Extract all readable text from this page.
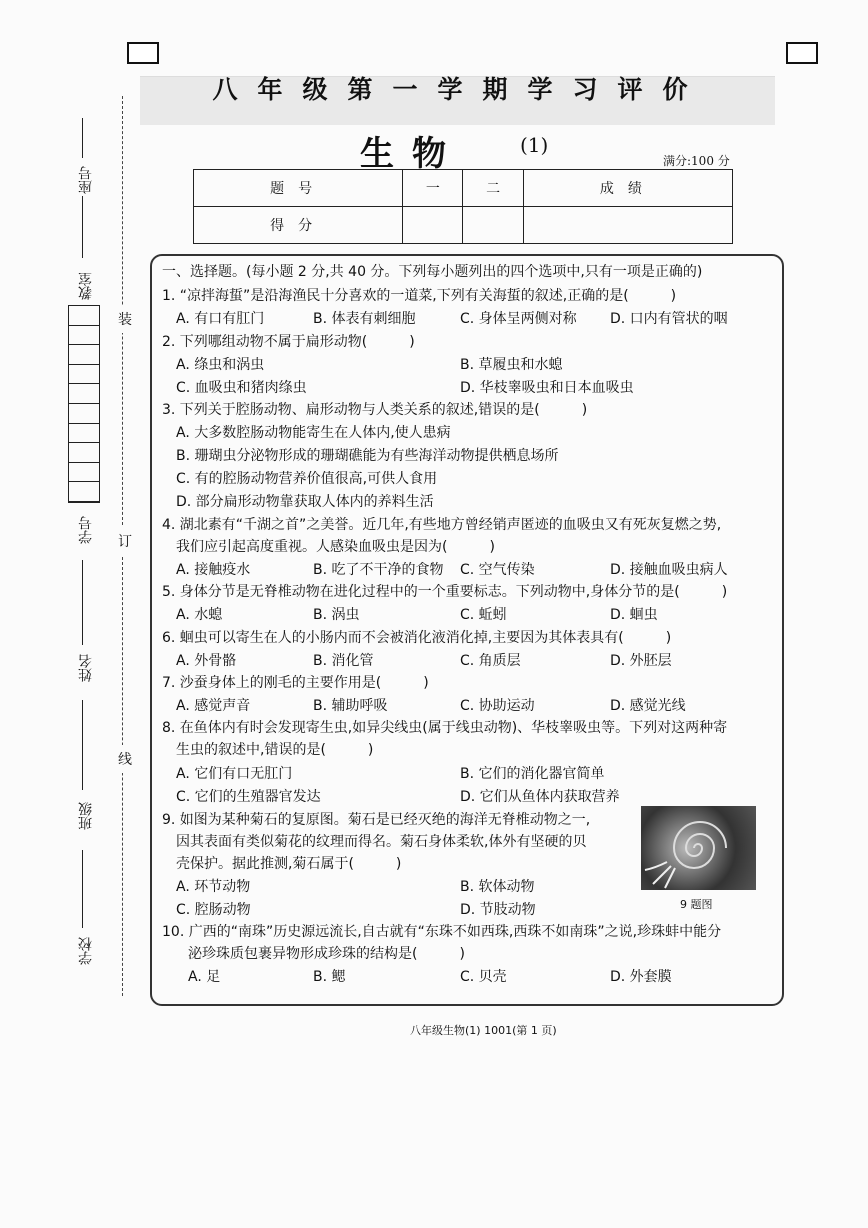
装
订
线
学校
班级
姓名
学号
教室
座号
八年级第一学期学习评价
生物	(1)
满分:100 分
题号	一	二	成绩
得分			
一、选择题。(每小题 2 分,共 40 分。下列每小题列出的四个选项中,只有一项是正确的)
1. “凉拌海蜇”是沿海渔民十分喜欢的一道菜,下列有关海蜇的叙述,正确的是(　　　)
A. 有口有肛门	B. 体表有刺细胞	C. 身体呈两侧对称 D. 口内有管状的咽
2. 下列哪组动物不属于扁形动物(　　　)
A. 绦虫和涡虫	B. 草履虫和水螅
C. 血吸虫和猪肉绦虫	D. 华枝睾吸虫和日本血吸虫
3. 下列关于腔肠动物、扁形动物与人类关系的叙述,错误的是(　　　)
A. 大多数腔肠动物能寄生在人体内,使人患病
B. 珊瑚虫分泌物形成的珊瑚礁能为有些海洋动物提供栖息场所
C. 有的腔肠动物营养价值很高,可供人食用
D. 部分扁形动物靠获取人体内的养料生活
4. 湖北素有“千湖之首”之美誉。近几年,有些地方曾经销声匿迹的血吸虫又有死灰复燃之势,
我们应引起高度重视。人感染血吸虫是因为(　　　)
A. 接触疫水	B. 吃了不干净的食物 C. 空气传染	D. 接触血吸虫病人
5. 身体分节是无脊椎动物在进化过程中的一个重要标志。下列动物中,身体分节的是(　　　)
A. 水螅	B. 涡虫	C. 蚯蚓	D. 蛔虫
6. 蛔虫可以寄生在人的小肠内而不会被消化液消化掉,主要因为其体表具有(　　　)
A. 外骨骼	B. 消化管	C. 角质层	D. 外胚层
7. 沙蚕身体上的刚毛的主要作用是(　　　)
A. 感觉声音	B. 辅助呼吸	C. 协助运动	D. 感觉光线
8. 在鱼体内有时会发现寄生虫,如异尖线虫(属于线虫动物)、华枝睾吸虫等。下列对这两种寄
生虫的叙述中,错误的是(　　　)
A. 它们有口无肛门	B. 它们的消化器官简单
C. 它们的生殖器官发达	D. 它们从鱼体内获取营养
9. 如图为某种菊石的复原图。菊石是已经灭绝的海洋无脊椎动物之一,
因其表面有类似菊花的纹理而得名。菊石身体柔软,体外有坚硬的贝
壳保护。据此推测,菊石属于(　　　)
A. 环节动物	B. 软体动物
C. 腔肠动物	D. 节肢动物	9 题图
10. 广西的“南珠”历史源远流长,自古就有“东珠不如西珠,西珠不如南珠”之说,珍珠蚌中能分
泌珍珠质包裹异物形成珍珠的结构是(　　　)
A. 足	B. 鳃	C. 贝壳	D. 外套膜
八年级生物(1) 1001(第 1 页)
